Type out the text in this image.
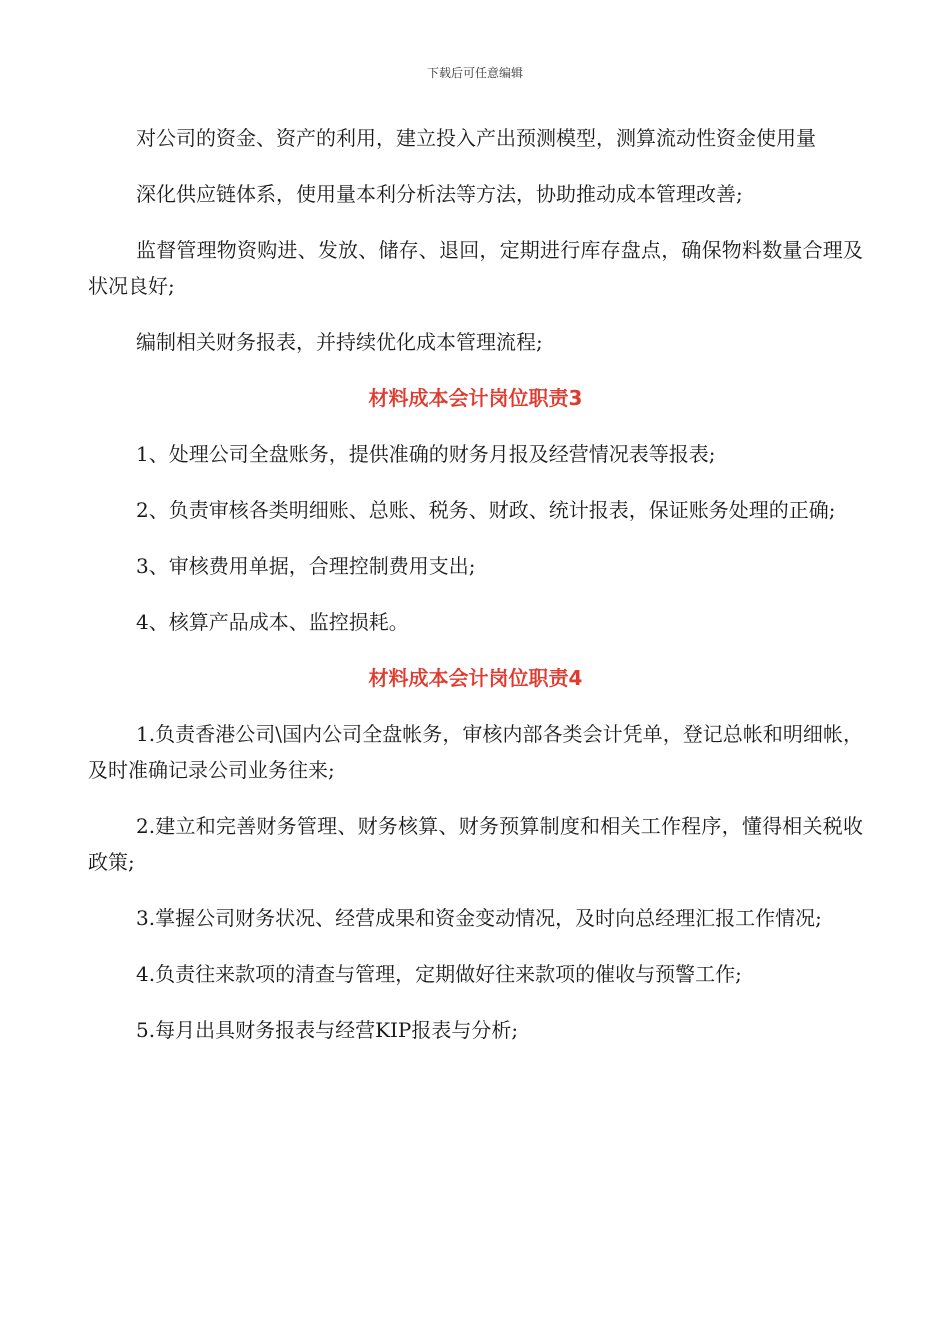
下载后可任意编辑

对公司的资金、资产的利用，建立投入产出预测模型，测算流动性资金使用量

深化供应链体系，使用量本利分析法等方法，协助推动成本管理改善;

监督管理物资购进、发放、储存、退回，定期进行库存盘点，确保物料数量合理及状况良好;

编制相关财务报表，并持续优化成本管理流程;

材料成本会计岗位职责3

1、处理公司全盘账务，提供准确的财务月报及经营情况表等报表;

2、负责审核各类明细账、总账、税务、财政、统计报表，保证账务处理的正确;

3、审核费用单据，合理控制费用支出;

4、核算产品成本、监控损耗。

材料成本会计岗位职责4

1.负责香港公司\国内公司全盘帐务，审核内部各类会计凭单，登记总帐和明细帐，及时准确记录公司业务往来;

2.建立和完善财务管理、财务核算、财务预算制度和相关工作程序，懂得相关税收政策;

3.掌握公司财务状况、经营成果和资金变动情况，及时向总经理汇报工作情况;

4.负责往来款项的清查与管理，定期做好往来款项的催收与预警工作;

5.每月出具财务报表与经营KIP报表与分析;
